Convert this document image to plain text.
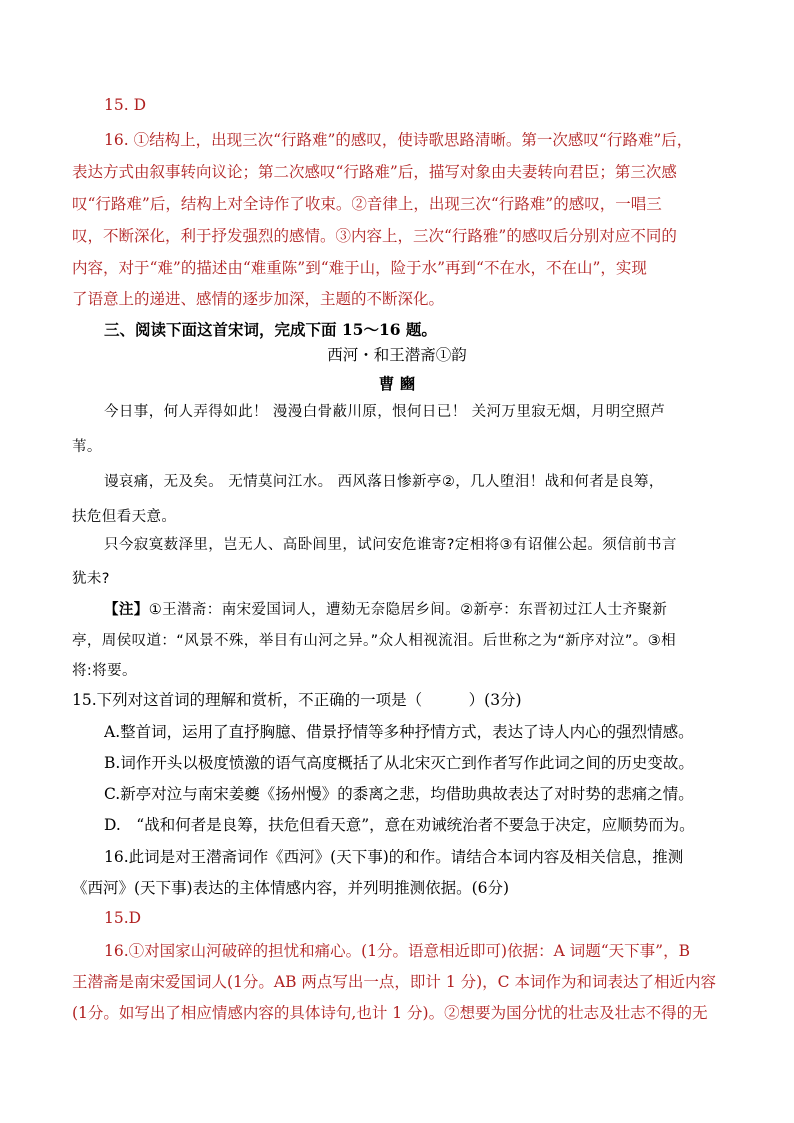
15. D
16. ①结构上，出现三次“行路难”的感叹，使诗歌思路清晰。第一次感叹“行路难”后，
表达方式由叙事转向议论；第二次感叹“行路难”后，描写对象由夫妻转向君臣；第三次感
叹“行路难”后，结构上对全诗作了收束。②音律上，出现三次“行路难”的感叹，一唱三
叹，不断深化，利于抒发强烈的感情。③内容上，三次“行路雅”的感叹后分别对应不同的
内容，对于“难”的描述由“难重陈”到“难于山，险于水”再到“不在水，不在山”，实现
了语意上的递进、感情的逐步加深，主题的不断深化。
三、阅读下面这首宋词，完成下面 15～16 题。
西河・和王潜斋①韵
曹 豳
今日事，何人弄得如此！ 漫漫白骨蔽川原，恨何日已！ 关河万里寂无烟，月明空照芦
苇。
谩哀痛，无及矣。 无情莫问江水。 西风落日惨新亭②，几人堕泪！战和何者是良筹，
扶危但看天意。
只今寂寞薮泽里，岂无人、高卧闾里，试问安危谁寄?定相将③有诏催公起。须信前书言
犹未?
【注】①王潜斋：南宋爱国词人，遭劾无奈隐居乡间。②新亭：东晋初过江人士齐聚新
亭，周侯叹道：“风景不殊，举目有山河之异。”众人相视流泪。后世称之为“新序对泣”。③相
将:将要。
15.下列对这首词的理解和赏析，不正确的一项是（　　　）(3分)
A.整首词，运用了直抒胸臆、借景抒情等多种抒情方式，表达了诗人内心的强烈情感。
B.词作开头以极度愤激的语气高度概括了从北宋灭亡到作者写作此词之间的历史变故。
C.新亭对泣与南宋姜夔《扬州慢》的黍离之悲，均借助典故表达了对时势的悲痛之情。
D.　“战和何者是良筹，扶危但看天意”，意在劝诫统治者不要急于决定，应顺势而为。
16.此词是对王潜斋词作《西河》(天下事)的和作。请结合本词内容及相关信息，推测
《西河》(天下事)表达的主体情感内容，并列明推测依据。(6分)
15.D
16.①对国家山河破碎的担忧和痛心。(1分。语意相近即可)依据：A 词题“天下事”，B
王潜斋是南宋爱国词人(1分。AB 两点写出一点，即计 1 分)，C 本词作为和词表达了相近内容
(1分。如写出了相应情感内容的具体诗句,也计 1 分)。②想要为国分忧的壮志及壮志不得的无
